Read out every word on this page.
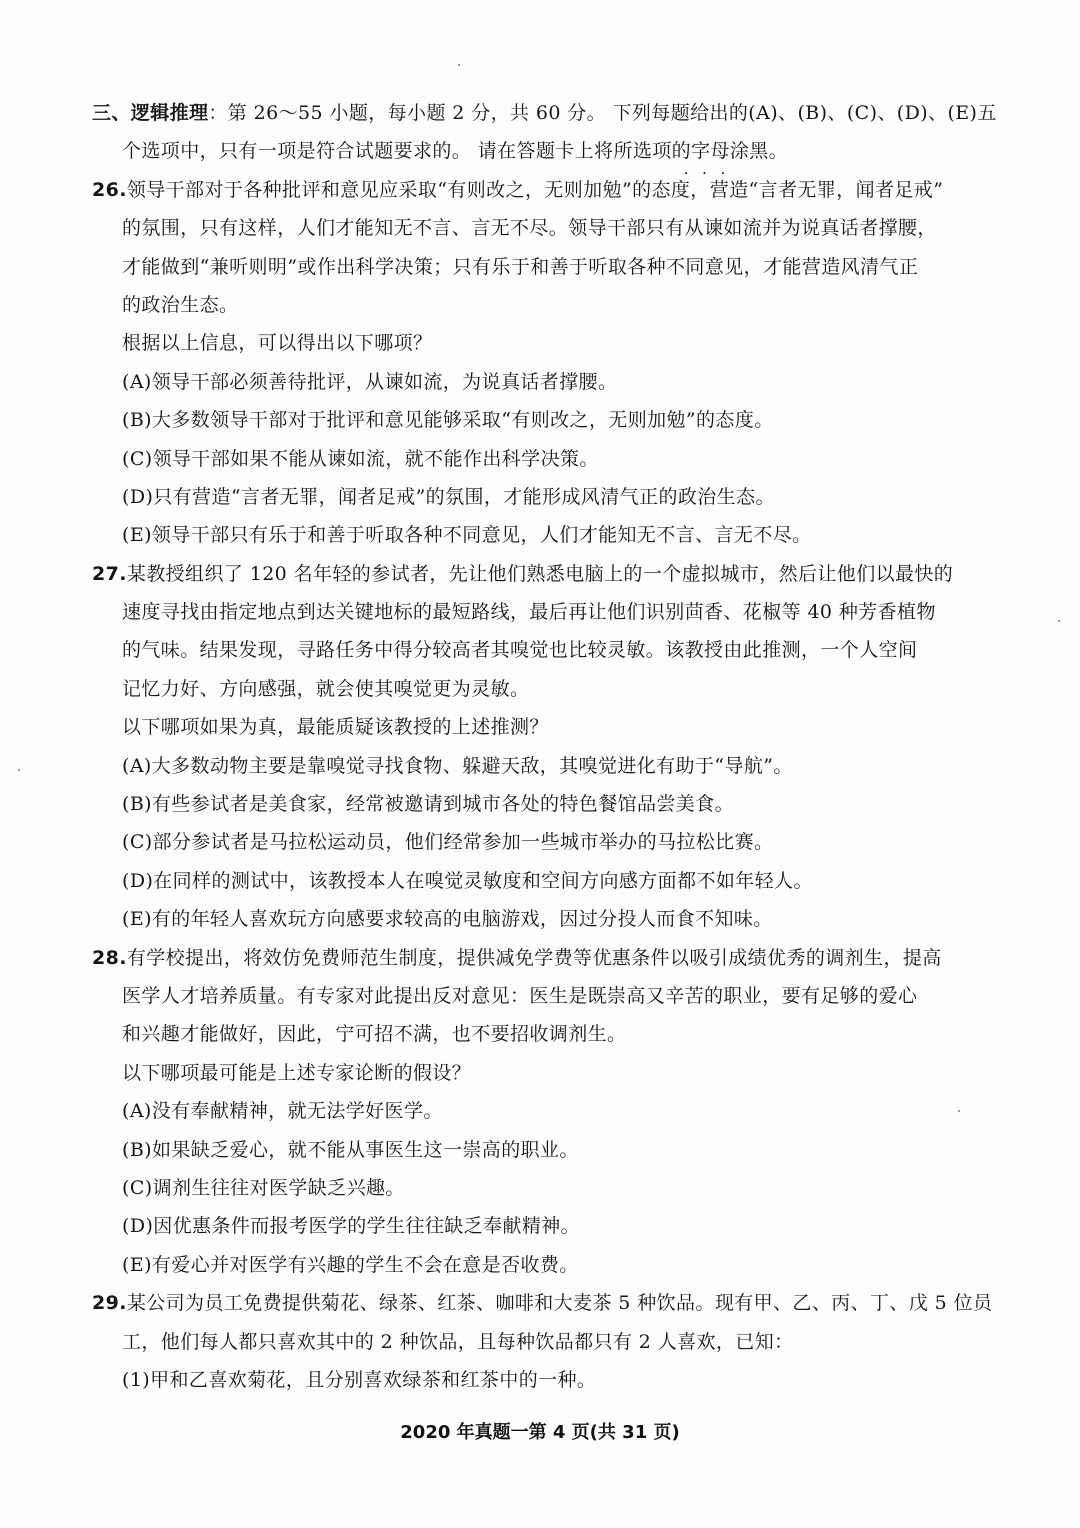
三、逻辑推理：第 26～55 小题，每小题 2 分，共 60 分。 下列每题给出的(A)、(B)、(C)、(D)、(E)五
个选项中，只有一项是符合试题要求的。 请在答题卡上将所选项的字母涂黑。 • • •
26.领导干部对于各种批评和意见应采取“有则改之，无则加勉”的态度，营造“言者无罪，闻者足戒”
的氛围，只有这样，人们才能知无不言、言无不尽。领导干部只有从谏如流并为说真话者撑腰，
才能做到“兼听则明”或作出科学决策；只有乐于和善于听取各种不同意见，才能营造风清气正
的政治生态。
根据以上信息，可以得出以下哪项？
(A)领导干部必须善待批评，从谏如流，为说真话者撑腰。
(B)大多数领导干部对于批评和意见能够采取“有则改之，无则加勉”的态度。
(C)领导干部如果不能从谏如流，就不能作出科学决策。
(D)只有营造“言者无罪，闻者足戒”的氛围，才能形成风清气正的政治生态。
(E)领导干部只有乐于和善于听取各种不同意见，人们才能知无不言、言无不尽。
27.某教授组织了 120 名年轻的参试者，先让他们熟悉电脑上的一个虚拟城市，然后让他们以最快的
速度寻找由指定地点到达关键地标的最短路线，最后再让他们识别茴香、花椒等 40 种芳香植物
的气味。结果发现，寻路任务中得分较高者其嗅觉也比较灵敏。该教授由此推测，一个人空间
记忆力好、方向感强，就会使其嗅觉更为灵敏。
以下哪项如果为真，最能质疑该教授的上述推测？
(A)大多数动物主要是靠嗅觉寻找食物、躲避天敌，其嗅觉进化有助于“导航”。
(B)有些参试者是美食家，经常被邀请到城市各处的特色餐馆品尝美食。
(C)部分参试者是马拉松运动员，他们经常参加一些城市举办的马拉松比赛。
(D)在同样的测试中，该教授本人在嗅觉灵敏度和空间方向感方面都不如年轻人。
(E)有的年轻人喜欢玩方向感要求较高的电脑游戏，因过分投人而食不知味。
28.有学校提出，将效仿免费师范生制度，提供减免学费等优惠条件以吸引成绩优秀的调剂生，提高
医学人才培养质量。有专家对此提出反对意见：医生是既崇高又辛苦的职业，要有足够的爱心
和兴趣才能做好，因此，宁可招不满，也不要招收调剂生。
以下哪项最可能是上述专家论断的假设？
(A)没有奉献精神，就无法学好医学。
(B)如果缺乏爱心，就不能从事医生这一崇高的职业。
(C)调剂生往往对医学缺乏兴趣。
(D)因优惠条件而报考医学的学生往往缺乏奉献精神。
(E)有爱心并对医学有兴趣的学生不会在意是否收费。
29.某公司为员工免费提供菊花、绿茶、红茶、咖啡和大麦茶 5 种饮品。现有甲、乙、丙、丁、戊 5 位员
工，他们每人都只喜欢其中的 2 种饮品，且每种饮品都只有 2 人喜欢，已知：
(1)甲和乙喜欢菊花，且分别喜欢绿茶和红茶中的一种。
2020 年真题一第 4 页(共 31 页)
